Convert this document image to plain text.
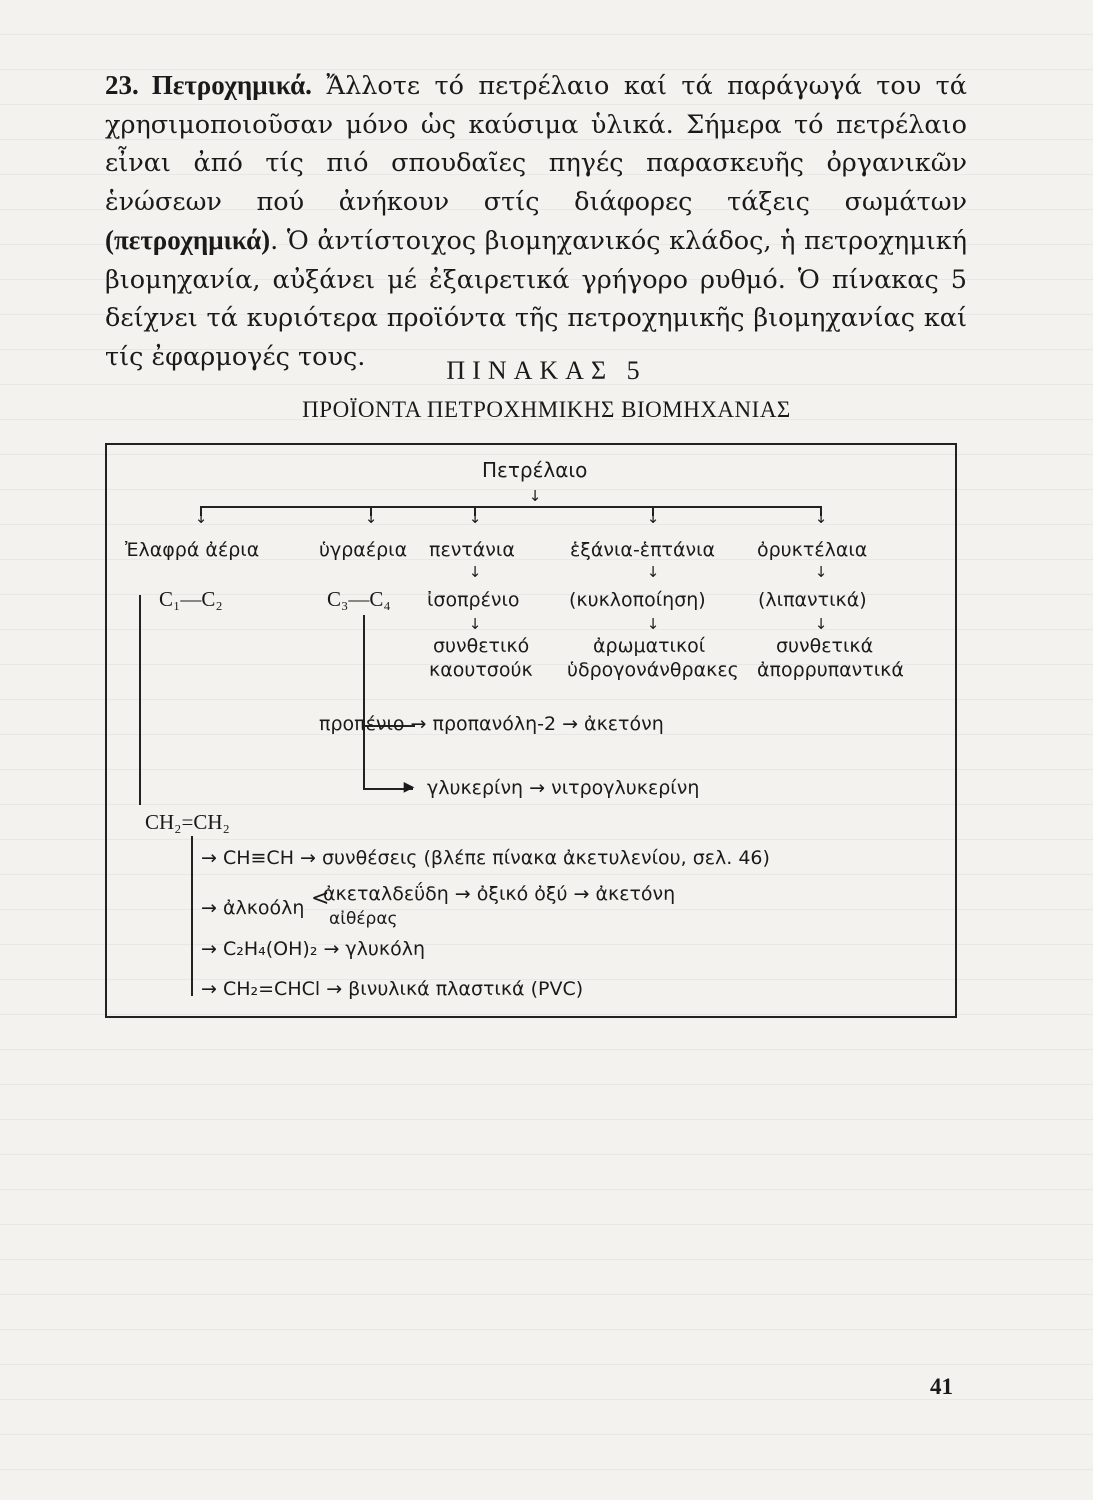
23. Πετροχημικά. Ἄλλοτε τό πετρέλαιο καί τά παράγωγά του τά χρησιμοποιοῦσαν μόνο ὡς καύσιμα ὑλικά. Σήμερα τό πετρέλαιο εἶναι ἀπό τίς πιό σπουδαῖες πηγές παρασκευῆς ὀργανικῶν ἑνώσεων πού ἀνήκουν στίς διάφορες τάξεις σωμάτων (πετροχημικά). Ὁ ἀντίστοιχος βιομηχανικός κλάδος, ἡ πετροχημική βιομηχανία, αὐξάνει μέ ἐξαιρετικά γρήγορο ρυθμό. Ὁ πίνακας 5 δείχνει τά κυριότερα προϊόντα τῆς πετροχημικῆς βιομηχανίας καί τίς ἐφαρμογές τους.	ΠΙΝΑΚΑΣ 5
ΠΡΟΪΟΝΤΑ ΠΕΤΡΟΧΗΜΙΚΗΣ ΒΙΟΜΗΧΑΝΙΑΣ
Πετρέλαιο
↓
↓	↓	↓	↓	↓
Ἐλαφρά ἀέρια	ὑγραέρια πεντάνια	ἑξάνια-ἑπτάνια ὀρυκτέλαια
↓	↓	↓
C₁—C₂	C₃—C₄ ἰσοπρένιο	(κυκλοποίηση)	(λιπαντικά)
↓	↓	↓
συνθετικό
καουτσούκ
ἀρωματικοί
ὑδρογονάνθρακες
συνθετικά
ἀπορρυπαντικά
προπένιο → προπανόλη-2 → ἀκετόνη
▶ γλυκερίνη → νιτρογλυκερίνη
CH₂=CH₂
→ CH≡CH → συνθέσεις (βλέπε πίνακα ἀκετυλενίου, σελ. 46)
→ ἀλκοόλη <
ἀκεταλδεΰδη → ὀξικό ὀξύ → ἀκετόνη
αἰθέρας
→ C₂H₄(OH)₂ → γλυκόλη
→ CH₂=CHCl → βινυλικά πλαστικά (PVC)
41
